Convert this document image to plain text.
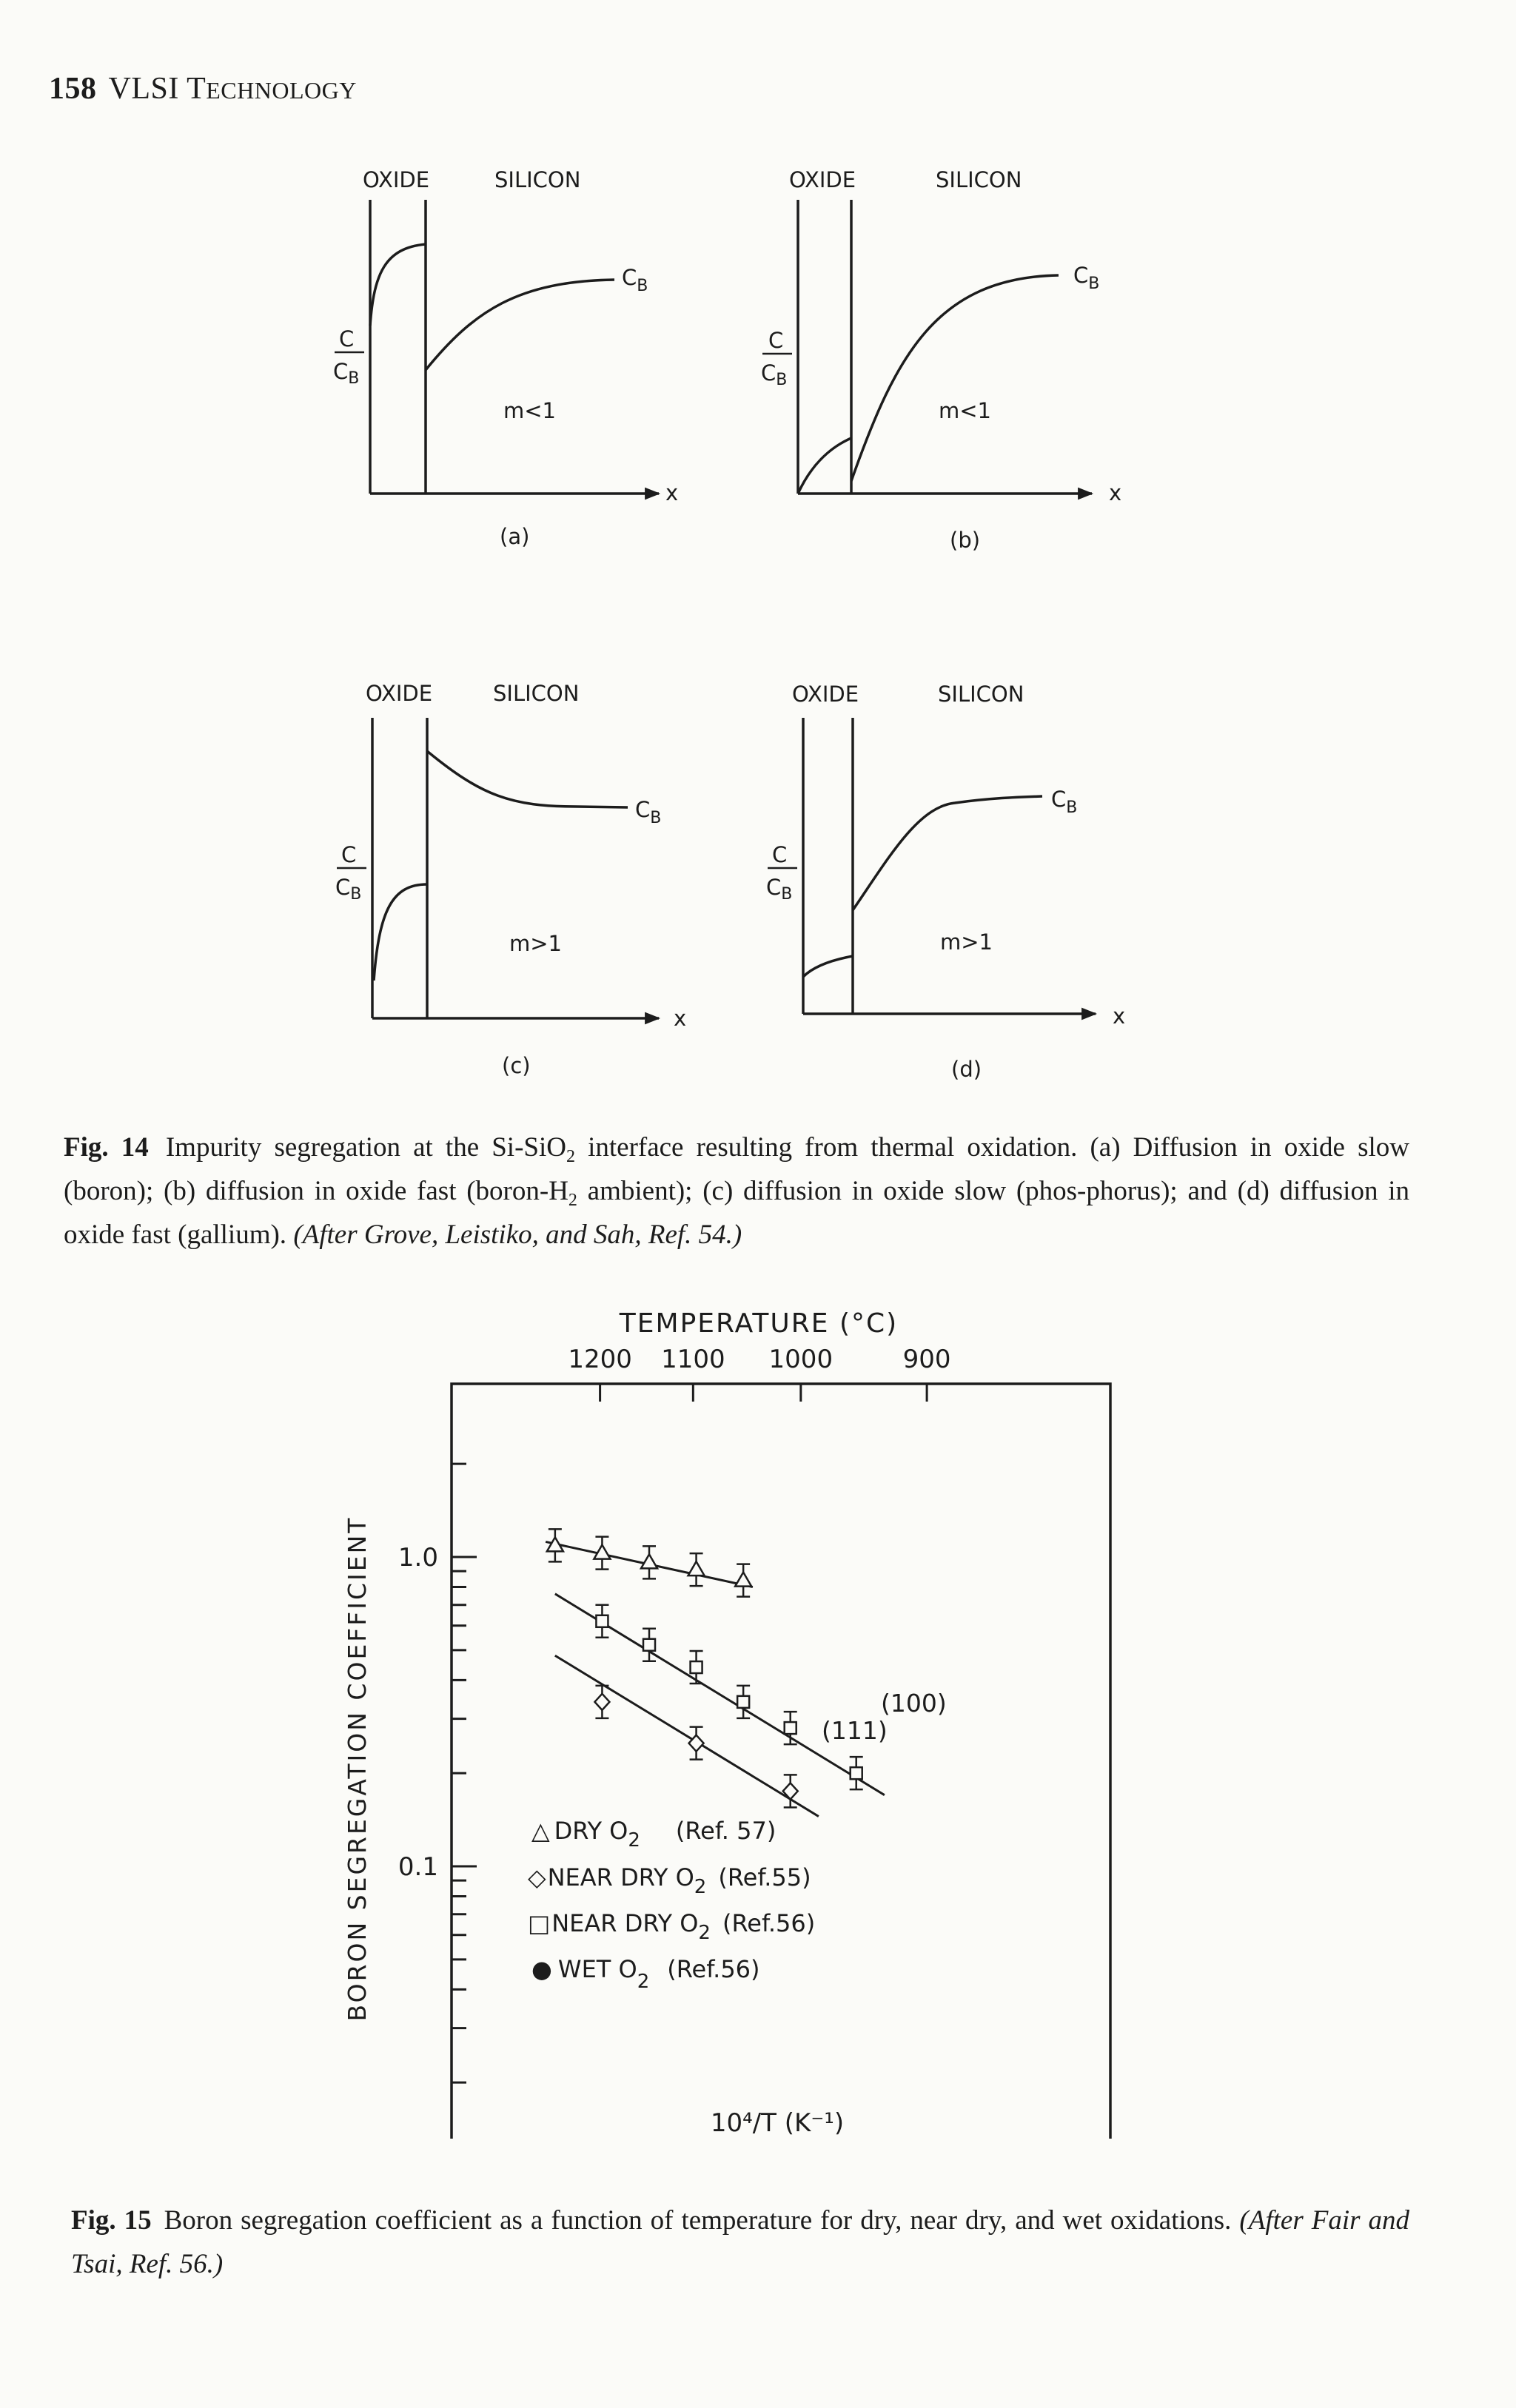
158 VLSI TECHNOLOGY
OXIDE	SILICON
$C_B$
m<1
x
(a)
C
$C_B$
OXIDE	SILICON
$C_B$
m<1
x
(b)
C
$C_B$
OXIDE	SILICON
$C_B$
m>1
x
(c)
C
$C_B$
OXIDE	SILICON
$C_B$
m>1
x
(d)
C
$C_B$
Fig. 14 Impurity segregation at the Si-SiO$_2$ interface resulting from thermal oxidation. (a) Diffusion in oxide slow (boron); (b) diffusion in oxide fast ($boron-H_2$ ambient); (c) diffusion in oxide slow (phos-phorus); and (d) diffusion in oxide fast (gallium). (After Grove, Leistiko, and Sah, Ref. 54.)
1200 1100 1000	900
1.0
0.1
TEMPERATURE (°C)
(100)
(111)
BORON SEGREGATION COEFFICIENT	△ DRY $O_2$ (Ref. 57)
◇NEAR DRY $O_2$ (Ref.55)
□NEAR DRY $O_2$ (Ref.56)
● WET $O_2$ (Ref.56)
10⁴/T (K⁻¹)
Fig. 15 Boron segregation coefficient as a function of temperature for dry, near dry, and wet oxidations. (After Fair and Tsai, Ref. 56.)
